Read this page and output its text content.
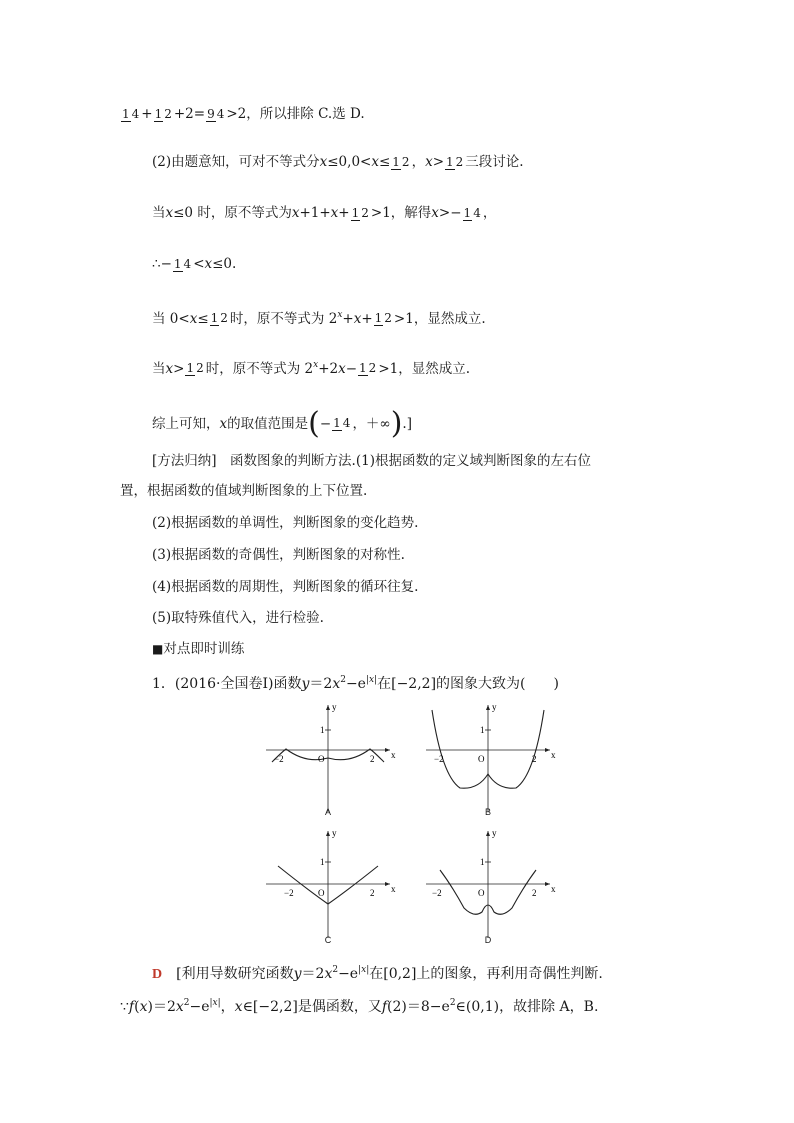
1 4 + 1 2 +2= 9 4 >2，所以排除 C.选 D.
(2)由题意知，可对不等式分x≤0,0<x≤ 1 2 ，x> 1 2 三段讨论.
当x≤0 时，原不等式为x+1+x+ 1 2 >1，解得x>− 1 4 ，
∴− 1 4 <x≤0.
当 0<x≤ 1 2 时，原不等式为 $2^x+x+ 1$ 2 >1，显然成立.
当x> 1 2 时，原不等式为 $2^x+2x- 1$ 2 >1，显然成立.
综上可知，x的取值范围是(− 1 4 ，＋∞).]
[方法归纳]　函数图象的判断方法.(1)根据函数的定义域判断图象的左右位
置，根据函数的值域判断图象的上下位置.
(2)根据函数的单调性，判断图象的变化趋势.
(3)根据函数的奇偶性，判断图象的对称性.
(4)根据函数的周期性，判断图象的循环往复.
(5)取特殊值代入，进行检验.
■对点即时训练
1．(2016·全国卷Ⅰ)函数$y=2x^2-e^{|x|}$在[−2,2]的图象大致为(　　)
y
x
1
O
−2	2
A
y
x
1
O
−2	2
B
y
x
1
O
−2	2
C
y
x
1
O
−2	2
D
D　[利用导数研究函数$y=2x^2-e^{|x|}$在[0,2]上的图象，再利用奇偶性判断.
$\because f(x)=2x^2-e^{|x|}$，x∈[−2,2]是偶函数，又$f(2)=8-e^2\in(0,1)$，故排除 A，B.
